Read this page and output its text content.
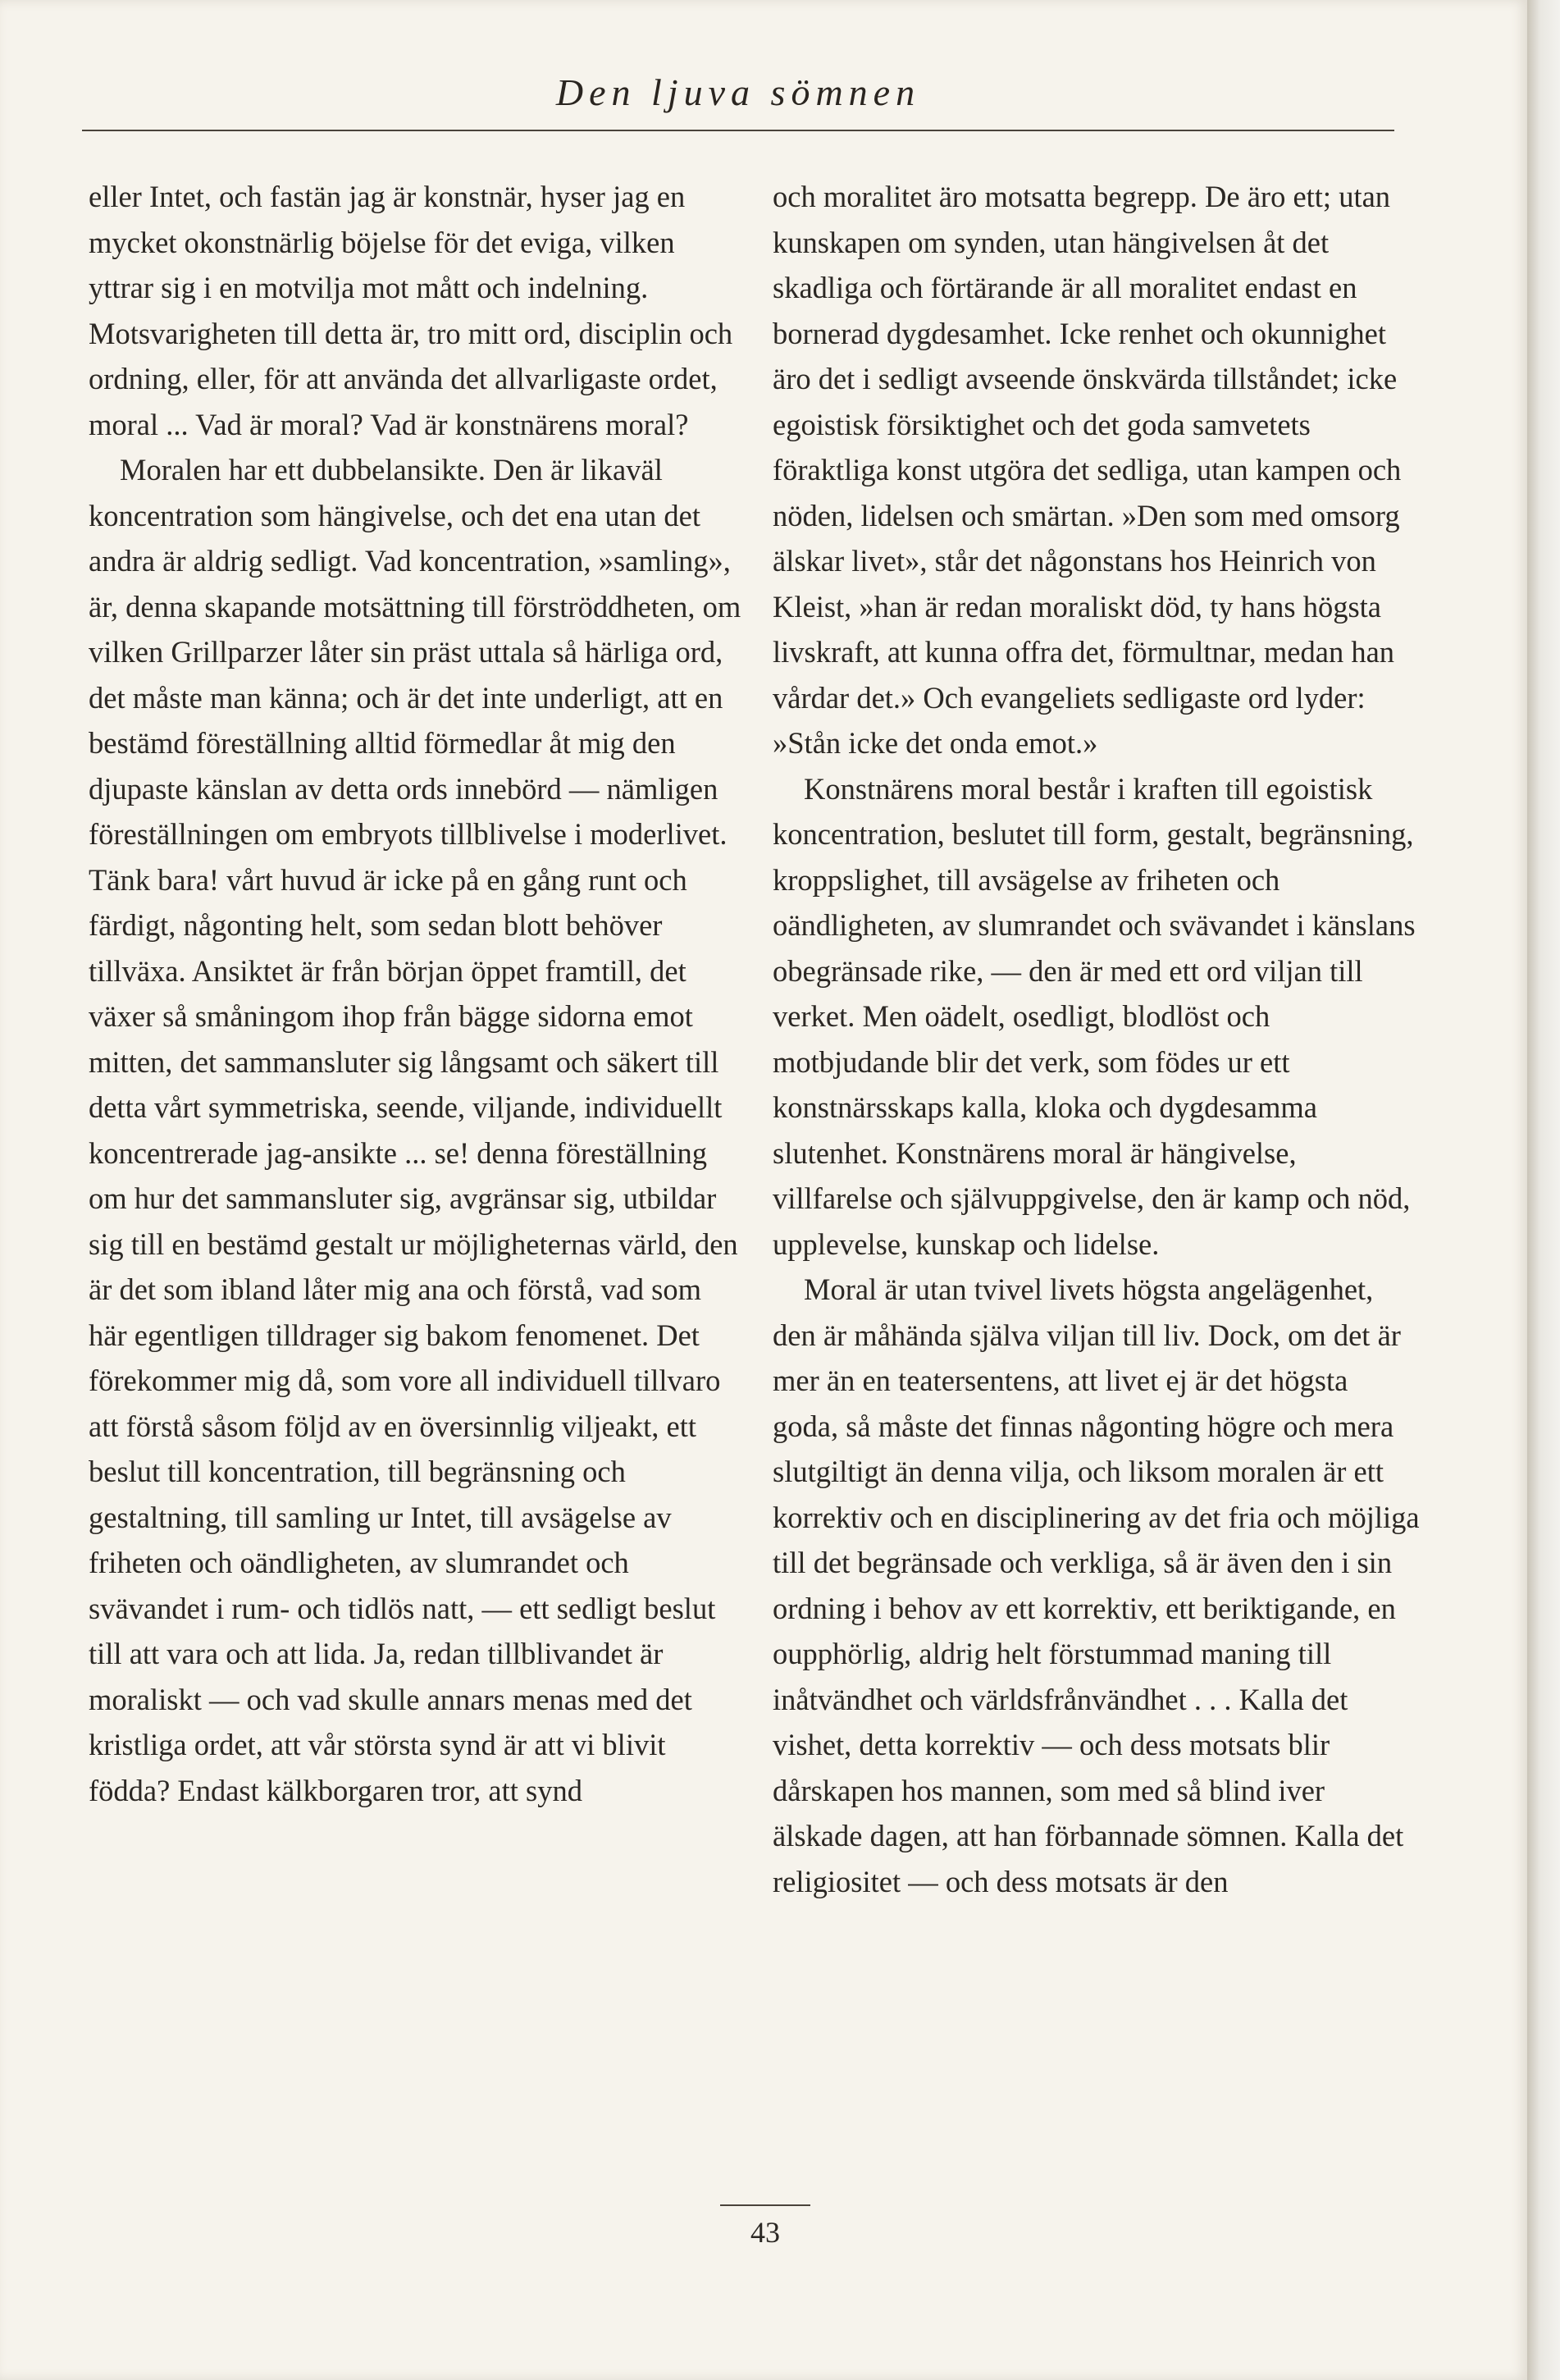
Den ljuva sömnen

eller Intet, och fastän jag är konstnär, hyser jag en mycket okonstnärlig böjelse för det eviga, vilken yttrar sig i en motvilja mot mått och indelning. Motsvarigheten till detta är, tro mitt ord, disciplin och ordning, eller, för att använda det allvarligaste ordet, moral ... Vad är moral? Vad är konstnärens moral?

Moralen har ett dubbelansikte. Den är likaväl koncentration som hängivelse, och det ena utan det andra är aldrig sedligt. Vad koncentration, »samling», är, denna skapande motsättning till förströddheten, om vilken Grillparzer låter sin präst uttala så härliga ord, det måste man känna; och är det inte underligt, att en bestämd föreställning alltid förmedlar åt mig den djupaste känslan av detta ords innebörd — nämligen föreställningen om embryots tillblivelse i moderlivet. Tänk bara! vårt huvud är icke på en gång runt och färdigt, någonting helt, som sedan blott behöver tillväxa. Ansiktet är från början öppet framtill, det växer så småningom ihop från bägge sidorna emot mitten, det sammansluter sig långsamt och säkert till detta vårt symmetriska, seende, viljande, individuellt koncentrerade jag-ansikte ... se! denna föreställning om hur det sammansluter sig, avgränsar sig, utbildar sig till en bestämd gestalt ur möjligheternas värld, den är det som ibland låter mig ana och förstå, vad som här egentligen tilldrager sig bakom fenomenet. Det förekommer mig då, som vore all individuell tillvaro att förstå såsom följd av en översinnlig viljeakt, ett beslut till koncentration, till begränsning och gestaltning, till samling ur Intet, till avsägelse av friheten och oändligheten, av slumrandet och svävandet i rum- och tidlös natt, — ett sedligt beslut till att vara och att lida. Ja, redan tillblivandet är moraliskt — och vad skulle annars menas med det kristliga ordet, att vår största synd är att vi blivit födda? Endast kälkborgaren tror, att synd

och moralitet äro motsatta begrepp. De äro ett; utan kunskapen om synden, utan hängivelsen åt det skadliga och förtärande är all moralitet endast en bornerad dygdesamhet. Icke renhet och okunnighet äro det i sedligt avseende önskvärda tillståndet; icke egoistisk försiktighet och det goda samvetets föraktliga konst utgöra det sedliga, utan kampen och nöden, lidelsen och smärtan. »Den som med omsorg älskar livet», står det någonstans hos Heinrich von Kleist, »han är redan moraliskt död, ty hans högsta livskraft, att kunna offra det, förmultnar, medan han vårdar det.» Och evangeliets sedligaste ord lyder: »Stån icke det onda emot.»

Konstnärens moral består i kraften till egoistisk koncentration, beslutet till form, gestalt, begränsning, kroppslighet, till avsägelse av friheten och oändligheten, av slumrandet och svävandet i känslans obegränsade rike, — den är med ett ord viljan till verket. Men oädelt, osedligt, blodlöst och motbjudande blir det verk, som födes ur ett konstnärsskaps kalla, kloka och dygdesamma slutenhet. Konstnärens moral är hängivelse, villfarelse och självuppgivelse, den är kamp och nöd, upplevelse, kunskap och lidelse.

Moral är utan tvivel livets högsta angelägenhet, den är måhända själva viljan till liv. Dock, om det är mer än en teatersentens, att livet ej är det högsta goda, så måste det finnas någonting högre och mera slutgiltigt än denna vilja, och liksom moralen är ett korrektiv och en disciplinering av det fria och möjliga till det begränsade och verkliga, så är även den i sin ordning i behov av ett korrektiv, ett beriktigande, en oupphörlig, aldrig helt förstummad maning till inåtvändhet och världsfrånvändhet . . . Kalla det vishet, detta korrektiv — och dess motsats blir dårskapen hos mannen, som med så blind iver älskade dagen, att han förbannade sömnen. Kalla det religiositet — och dess motsats är den

43
